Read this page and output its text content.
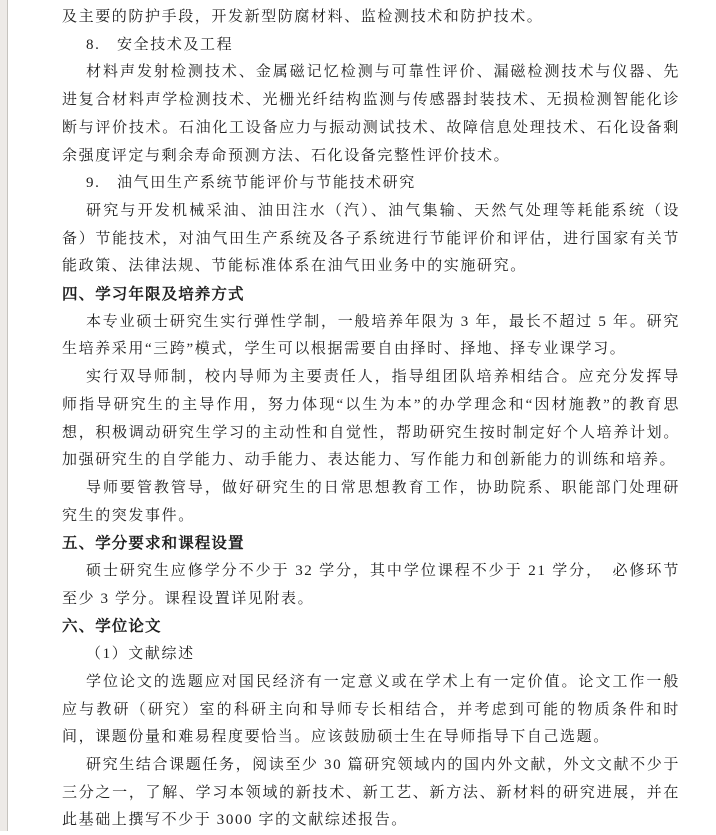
及主要的防护手段，开发新型防腐材料、监检测技术和防护技术。

8.　安全技术及工程

材料声发射检测技术、金属磁记忆检测与可靠性评价、漏磁检测技术与仪器、先进复合材料声学检测技术、光栅光纤结构监测与传感器封装技术、无损检测智能化诊断与评价技术。石油化工设备应力与振动测试技术、故障信息处理技术、石化设备剩余强度评定与剩余寿命预测方法、石化设备完整性评价技术。

9.　油气田生产系统节能评价与节能技术研究

研究与开发机械采油、油田注水（汽）、油气集输、天然气处理等耗能系统（设备）节能技术，对油气田生产系统及各子系统进行节能评价和评估，进行国家有关节能政策、法律法规、节能标准体系在油气田业务中的实施研究。

四、学习年限及培养方式

本专业硕士研究生实行弹性学制，一般培养年限为 3 年，最长不超过 5 年。研究生培养采用“三跨”模式，学生可以根据需要自由择时、择地、择专业课学习。

实行双导师制，校内导师为主要责任人，指导组团队培养相结合。应充分发挥导师指导研究生的主导作用，努力体现“以生为本”的办学理念和“因材施教”的教育思想，积极调动研究生学习的主动性和自觉性，帮助研究生按时制定好个人培养计划。加强研究生的自学能力、动手能力、表达能力、写作能力和创新能力的训练和培养。

导师要管教管导，做好研究生的日常思想教育工作，协助院系、职能部门处理研究生的突发事件。

五、学分要求和课程设置

硕士研究生应修学分不少于 32 学分，其中学位课程不少于 21 学分，　必修环节至少 3 学分。课程设置详见附表。

六、学位论文

（1）文献综述

学位论文的选题应对国民经济有一定意义或在学术上有一定价值。论文工作一般应与教研（研究）室的科研主向和导师专长相结合，并考虑到可能的物质条件和时间，课题份量和难易程度要恰当。应该鼓励硕士生在导师指导下自己选题。

研究生结合课题任务，阅读至少 30 篇研究领域内的国内外文献，外文文献不少于三分之一，了解、学习本领域的新技术、新工艺、新方法、新材料的研究进展，并在此基础上撰写不少于 3000 字的文献综述报告。
